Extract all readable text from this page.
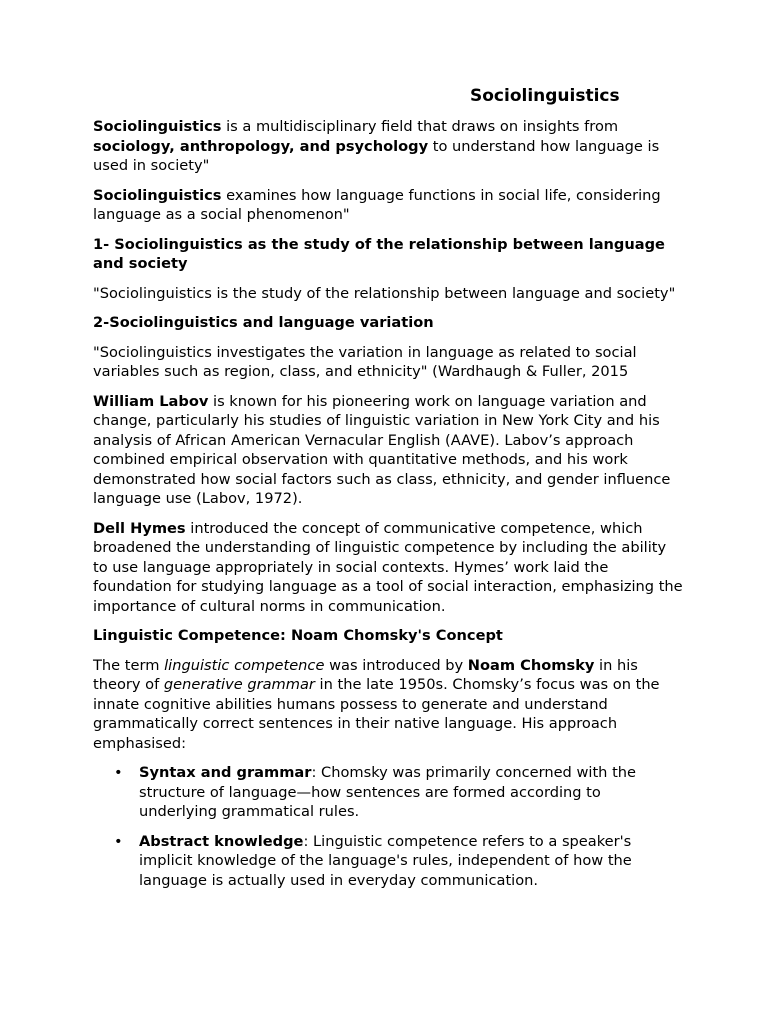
Sociolinguistics

Sociolinguistics is a multidisciplinary field that draws on insights from sociology, anthropology, and psychology to understand how language is used in society"

Sociolinguistics examines how language functions in social life, considering language as a social phenomenon"

1- Sociolinguistics as the study of the relationship between language and society

"Sociolinguistics is the study of the relationship between language and society"

2-Sociolinguistics and language variation

"Sociolinguistics investigates the variation in language as related to social variables such as region, class, and ethnicity" (Wardhaugh & Fuller, 2015

William Labov is known for his pioneering work on language variation and change, particularly his studies of linguistic variation in New York City and his analysis of African American Vernacular English (AAVE). Labov’s approach combined empirical observation with quantitative methods, and his work demonstrated how social factors such as class, ethnicity, and gender influence language use (Labov, 1972).

Dell Hymes introduced the concept of communicative competence, which broadened the understanding of linguistic competence by including the ability to use language appropriately in social contexts. Hymes’ work laid the foundation for studying language as a tool of social interaction, emphasizing the importance of cultural norms in communication.

Linguistic Competence: Noam Chomsky's Concept

The term linguistic competence was introduced by Noam Chomsky in his theory of generative grammar in the late 1950s. Chomsky’s focus was on the innate cognitive abilities humans possess to generate and understand grammatically correct sentences in their native language. His approach emphasised:

• Syntax and grammar: Chomsky was primarily concerned with the structure of language—how sentences are formed according to underlying grammatical rules.
• Abstract knowledge: Linguistic competence refers to a speaker's implicit knowledge of the language's rules, independent of how the language is actually used in everyday communication.
